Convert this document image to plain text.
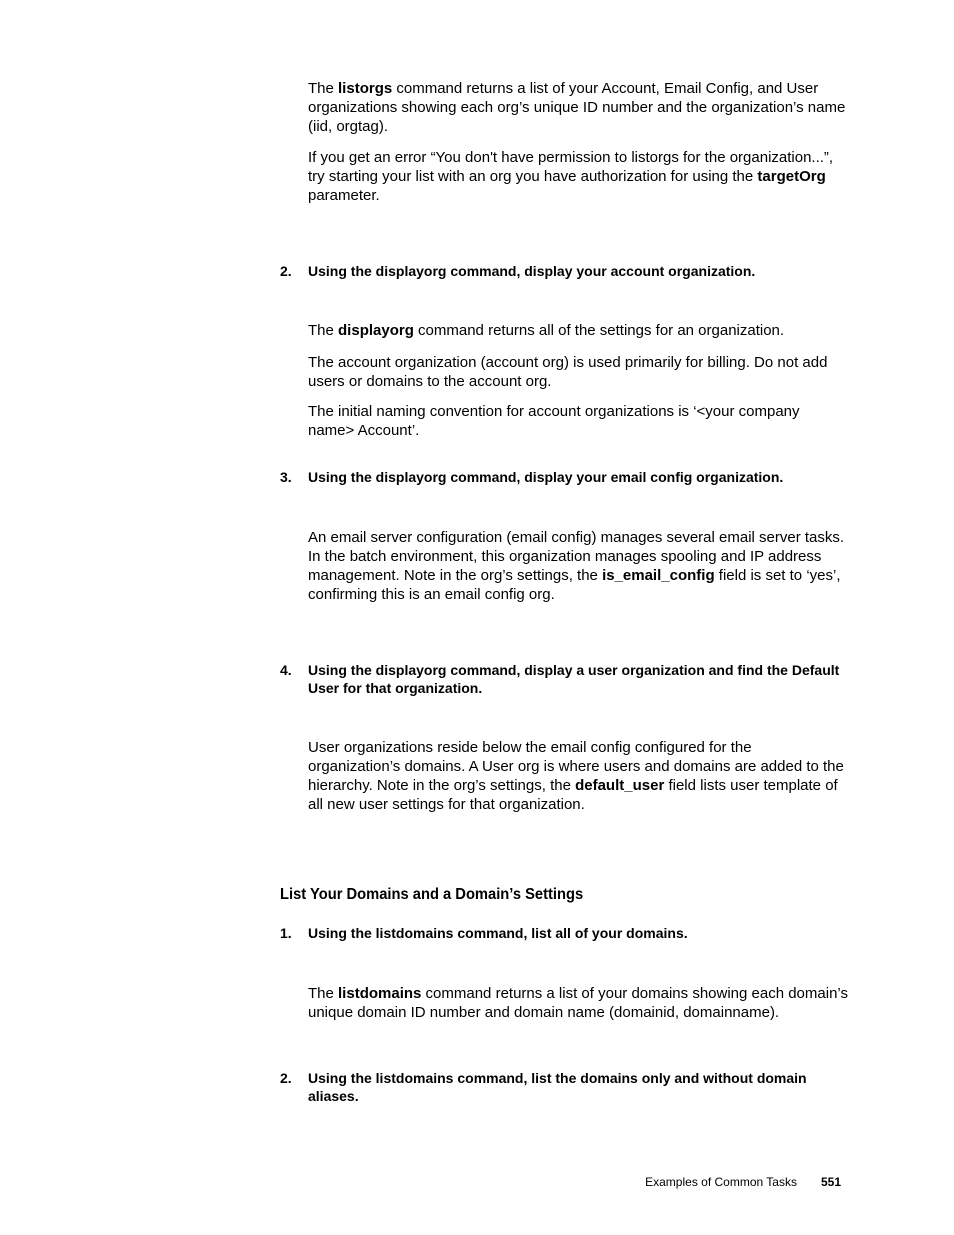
The listorgs command returns a list of your Account, Email Config, and User organizations showing each org’s unique ID number and the organization’s name (iid, orgtag).

If you get an error “You don't have permission to listorgs for the organization...”, try starting your list with an org you have authorization for using the targetOrg parameter.

2. Using the displayorg command, display your account organization.

The displayorg command returns all of the settings for an organization.

The account organization (account org) is used primarily for billing. Do not add users or domains to the account org.

The initial naming convention for account organizations is ‘<your company name> Account’.

3. Using the displayorg command, display your email config organization.

An email server configuration (email config) manages several email server tasks. In the batch environment, this organization manages spooling and IP address management. Note in the org’s settings, the is_email_config field is set to ‘yes’, confirming this is an email config org.

4. Using the displayorg command, display a user organization and find the Default User for that organization.

User organizations reside below the email config configured for the organization’s domains. A User org is where users and domains are added to the hierarchy. Note in the org’s settings, the default_user field lists user template of all new user settings for that organization.

List Your Domains and a Domain’s Settings
1. Using the listdomains command, list all of your domains.

The listdomains command returns a list of your domains showing each domain’s unique domain ID number and domain name (domainid, domainname).

2. Using the listdomains command, list the domains only and without domain aliases.
Examples of Common Tasks 551
